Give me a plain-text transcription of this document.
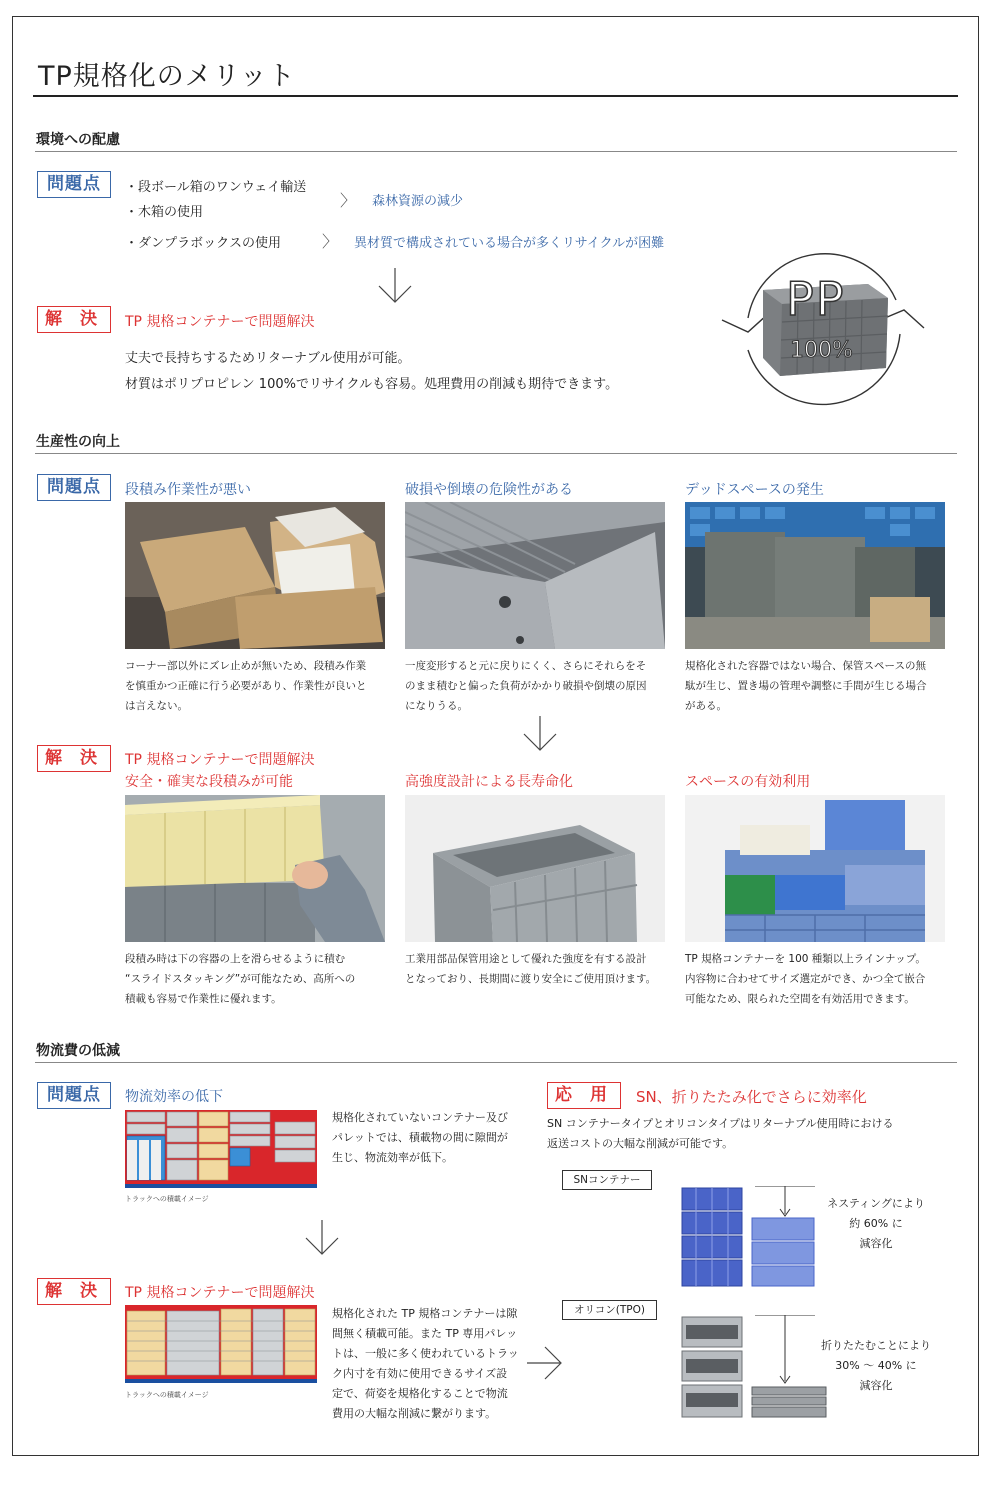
TP規格化のメリット
環境への配慮
問題点	・段ボール箱のワンウェイ輸送
・木箱の使用
〉 森林資源の減少
・ダンプラボックスの使用	〉 異材質で構成されている場合が多くリサイクルが困難
解 決	TP 規格コンテナーで問題解決
丈夫で長持ちするためリターナブル使用が可能。
材質はポリプロピレン 100%でリサイクルも容易。処理費用の削減も期待できます。
PP
100%
生産性の向上
問題点	段積み作業性が悪い	破損や倒壊の危険性がある	デッドスペースの発生
コーナー部以外にズレ止めが無いため、段積み作業
を慎重かつ正確に行う必要があり、作業性が良いと
は言えない。
一度変形すると元に戻りにくく、さらにそれらをそ
のまま積むと偏った負荷がかかり破損や倒壊の原因
になりうる。
規格化された容器ではない場合、保管スペースの無
駄が生じ、置き場の管理や調整に手間が生じる場合
がある。
解 決	TP 規格コンテナーで問題解決
安全・確実な段積みが可能	高強度設計による長寿命化	スペースの有効利用
段積み時は下の容器の上を滑らせるように積む
“スライドスタッキング”が可能なため、高所への
積載も容易で作業性に優れます。
工業用部品保管用途として優れた強度を有する設計
となっており、長期間に渡り安全にご使用頂けます。
TP 規格コンテナーを 100 種類以上ラインナップ。
内容物に合わせてサイズ選定ができ、かつ全て嵌合
可能なため、限られた空間を有効活用できます。
物流費の低減
問題点	物流効率の低下
トラックへの積載イメージ
規格化されていないコンテナー及び
パレットでは、積載物の間に隙間が
生じ、物流効率が低下。
解 決	TP 規格コンテナーで問題解決
トラックへの積載イメージ
規格化された TP 規格コンテナーは隙
間無く積載可能。また TP 専用パレッ
トは、一般に多く使われているトラッ
ク内寸を有効に使用できるサイズ設
定で、荷姿を規格化することで物流
費用の大幅な削減に繋がります。
応 用	SN、折りたたみ化でさらに効率化
SN コンテナータイプとオリコンタイプはリターナブル使用時における
返送コストの大幅な削減が可能です。
SNコンテナー
ネスティングにより
約 60% に
減容化
オリコン(TPO)
折りたたむことにより
30% 〜 40% に
減容化
